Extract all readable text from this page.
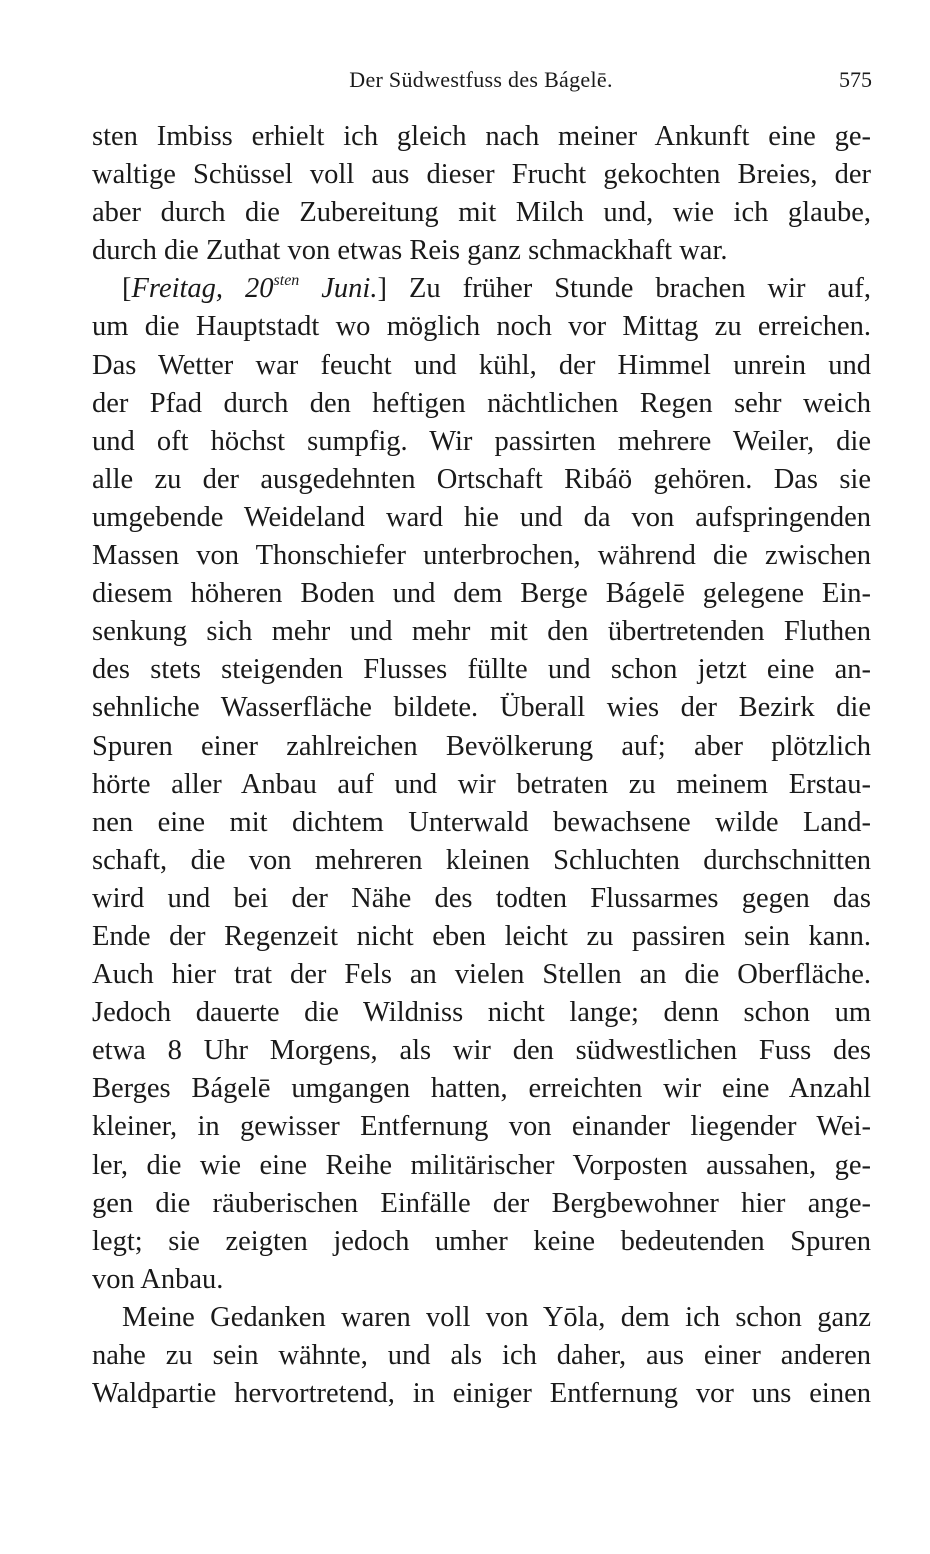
Der Südwestfuss des Bágelē.	575
sten Imbiss erhielt ich gleich nach meiner Ankunft eine ge-
waltige Schüssel voll aus dieser Frucht gekochten Breies, der
aber durch die Zubereitung mit Milch und, wie ich glaube,
durch die Zuthat von etwas Reis ganz schmackhaft war.
[Freitag, $20^{sten}$ Juni.] Zu früher Stunde brachen wir auf,
um die Hauptstadt wo möglich noch vor Mittag zu erreichen.
Das Wetter war feucht und kühl, der Himmel unrein und
der Pfad durch den heftigen nächtlichen Regen sehr weich
und oft höchst sumpfig. Wir passirten mehrere Weiler, die
alle zu der ausgedehnten Ortschaft Ribáö gehören. Das sie
umgebende Weideland ward hie und da von aufspringenden
Massen von Thonschiefer unterbrochen, während die zwischen
diesem höheren Boden und dem Berge Bágelē gelegene Ein-
senkung sich mehr und mehr mit den übertretenden Fluthen
des stets steigenden Flusses füllte und schon jetzt eine an-
sehnliche Wasserfläche bildete. Überall wies der Bezirk die
Spuren einer zahlreichen Bevölkerung auf; aber plötzlich
hörte aller Anbau auf und wir betraten zu meinem Erstau-
nen eine mit dichtem Unterwald bewachsene wilde Land-
schaft, die von mehreren kleinen Schluchten durchschnitten
wird und bei der Nähe des todten Flussarmes gegen das
Ende der Regenzeit nicht eben leicht zu passiren sein kann.
Auch hier trat der Fels an vielen Stellen an die Oberfläche.
Jedoch dauerte die Wildniss nicht lange; denn schon um
etwa 8 Uhr Morgens, als wir den südwestlichen Fuss des
Berges Bágelē umgangen hatten, erreichten wir eine Anzahl
kleiner, in gewisser Entfernung von einander liegender Wei-
ler, die wie eine Reihe militärischer Vorposten aussahen, ge-
gen die räuberischen Einfälle der Bergbewohner hier ange-
legt; sie zeigten jedoch umher keine bedeutenden Spuren
von Anbau.
Meine Gedanken waren voll von Yōla, dem ich schon ganz
nahe zu sein wähnte, und als ich daher, aus einer anderen
Waldpartie hervortretend, in einiger Entfernung vor uns einen
